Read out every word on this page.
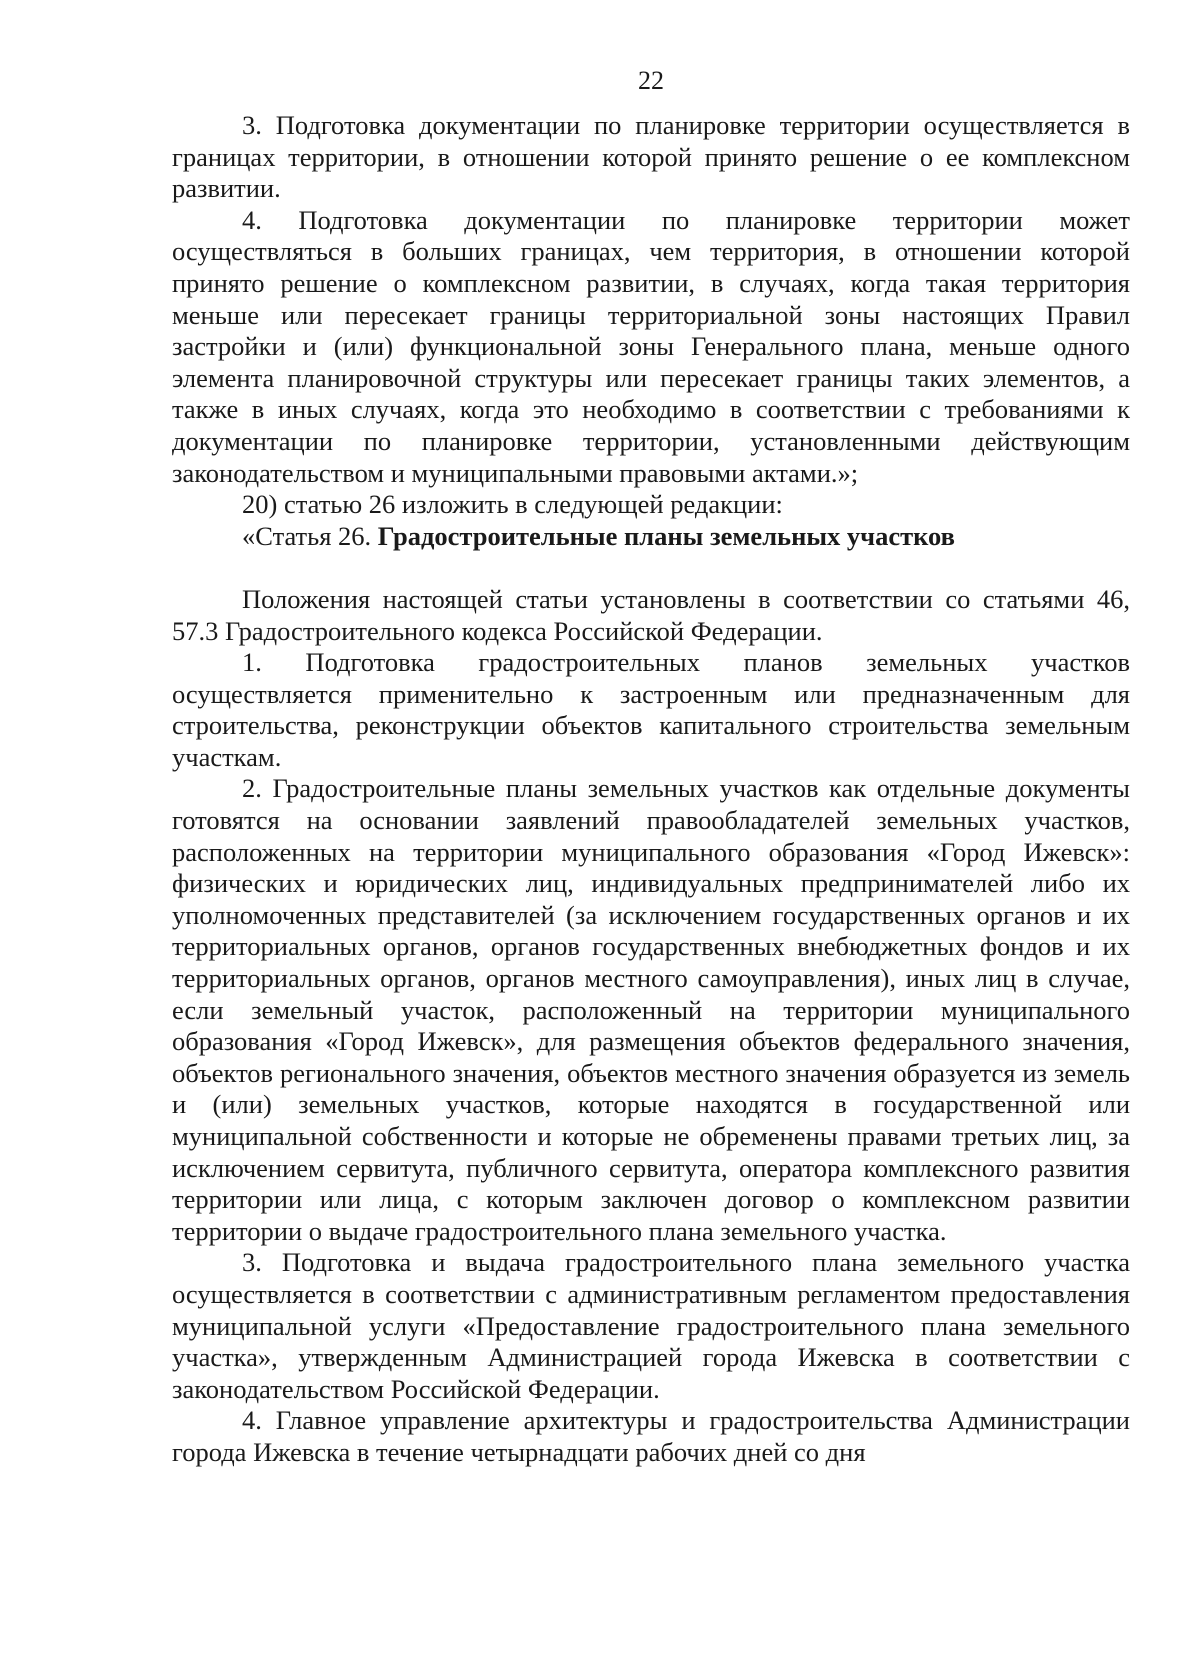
22

3. Подготовка документации по планировке территории осуществляется в границах территории, в отношении которой принято решение о ее комплексном развитии.

4. Подготовка документации по планировке территории может осуществляться в больших границах, чем территория, в отношении которой принято решение о комплексном развитии, в случаях, когда такая территория меньше или пересекает границы территориальной зоны настоящих Правил застройки и (или) функциональной зоны Генерального плана, меньше одного элемента планировочной структуры или пересекает границы таких элементов, а также в иных случаях, когда это необходимо в соответствии с требованиями к документации по планировке территории, установленными действующим законодательством и муниципальными правовыми актами.»;

20) статью 26 изложить в следующей редакции:

«Статья 26. Градостроительные планы земельных участков

Положения настоящей статьи установлены в соответствии со статьями 46, 57.3 Градостроительного кодекса Российской Федерации.

1. Подготовка градостроительных планов земельных участков осуществляется применительно к застроенным или предназначенным для строительства, реконструкции объектов капитального строительства земельным участкам.

2. Градостроительные планы земельных участков как отдельные документы готовятся на основании заявлений правообладателей земельных участков, расположенных на территории муниципального образования «Город Ижевск»: физических и юридических лиц, индивидуальных предпринимателей либо их уполномоченных представителей (за исключением государственных органов и их территориальных органов, органов государственных внебюджетных фондов и их территориальных органов, органов местного самоуправления), иных лиц в случае, если земельный участок, расположенный на территории муниципального образования «Город Ижевск», для размещения объектов федерального значения, объектов регионального значения, объектов местного значения образуется из земель и (или) земельных участков, которые находятся в государственной или муниципальной собственности и которые не обременены правами третьих лиц, за исключением сервитута, публичного сервитута, оператора комплексного развития территории или лица, с которым заключен договор о комплексном развитии территории о выдаче градостроительного плана земельного участка.

3. Подготовка и выдача градостроительного плана земельного участка осуществляется в соответствии с административным регламентом предоставления муниципальной услуги «Предоставление градостроительного плана земельного участка», утвержденным Администрацией города Ижевска в соответствии с законодательством Российской Федерации.

4. Главное управление архитектуры и градостроительства Администрации города Ижевска в течение четырнадцати рабочих дней со дня
